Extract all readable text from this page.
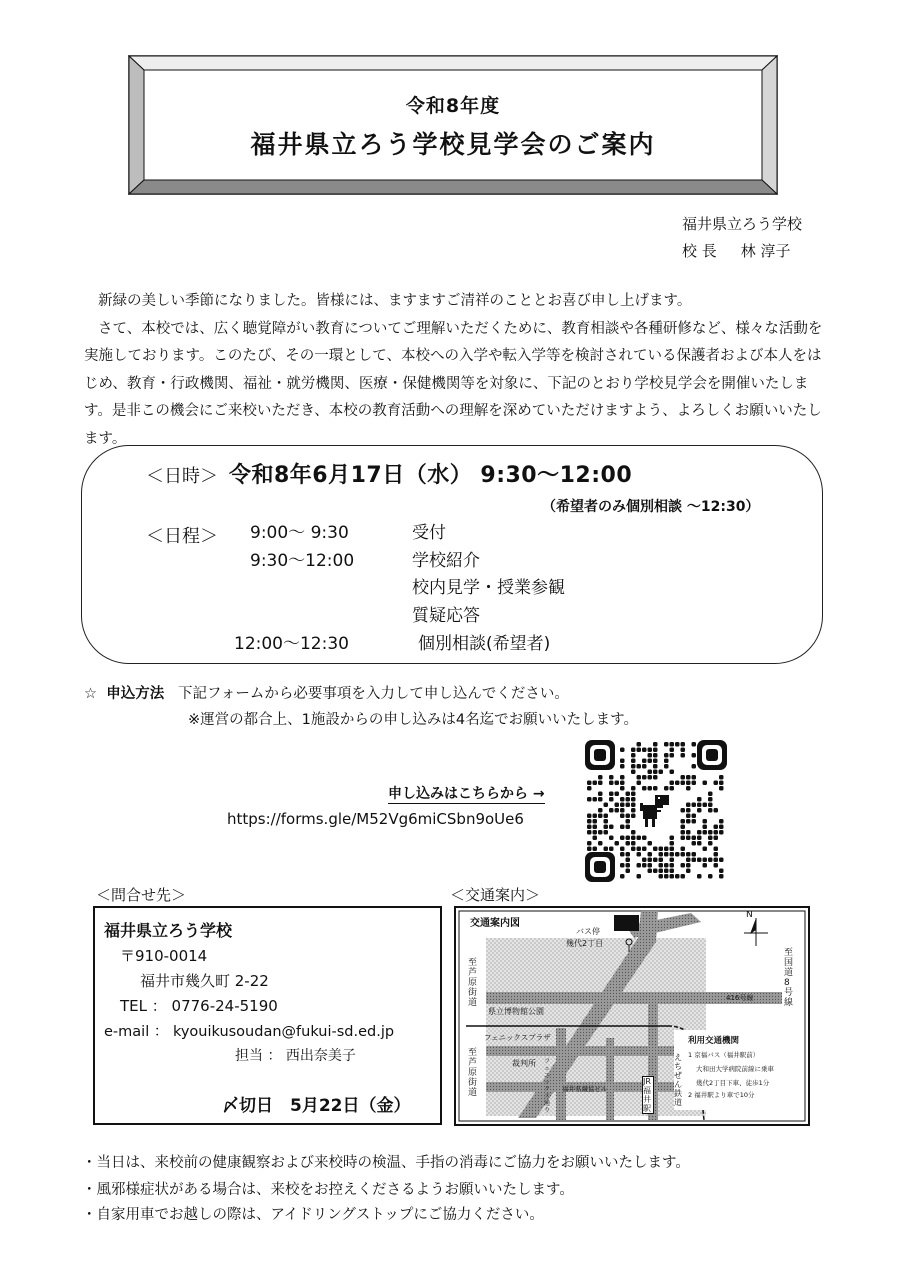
令和8年度
福井県立ろう学校見学会のご案内
福井県立ろう学校
校 長 林 淳子

新緑の美しい季節になりました。皆様には、ますますご清祥のこととお喜び申し上げます。

さて、本校では、広く聴覚障がい教育についてご理解いただくために、教育相談や各種研修など、様々な活動を実施しております。このたび、その一環として、本校への入学や転入学等を検討されている保護者および本人をはじめ、教育・行政機関、福祉・就労機関、医療・保健機関等を対象に、下記のとおり学校見学会を開催いたします。是非この機会にご来校いただき、本校の教育活動への理解を深めていただけますよう、よろしくお願いいたします。

＜日時＞ 令和8年6月17日（水） 9:30～12:00
（希望者のみ個別相談 ～12:30）
＜日程＞ 9:00～ 9:30	受付
9:30～12:00	学校紹介
校内見学・授業参観
質疑応答
12:00～12:30	個別相談(希望者)
☆ 申込方法 下記フォームから必要事項を入力して申し込んでください。
※運営の都合上、1施設からの申し込みは4名迄でお願いいたします。
申し込みはこちらから →
https://forms.gle/M52Vg6miCSbn9oUe6
＜問合せ先＞	＜交通案内＞
福井県立ろう学校
〒910-0014
福井市幾久町 2-22
TEL ： 0776-24-5190
e-mail ： kyouikusoudan@fukui-sd.ed.jp
担当 ： 西出奈美子
〆切日　5月22日（金）
交通案内図
バス停
幾代2丁目
N
至芦原街道
至芦原街道
至国道8号線
416号線
県立博物館公園
フェニックスプラザ
裁判所
福井県繊協ビル
フェニックス通り
JR福井駅
えちぜん鉄道
利用交通機関
1 京福バス（福井駅前）
大和田大学病院前線に乗車
幾代2丁目下車、徒歩1分
2 福井駅より車で10分
・当日は、来校前の健康観察および来校時の検温、手指の消毒にご協力をお願いいたします。
・風邪様症状がある場合は、来校をお控えくださるようお願いいたします。
・自家用車でお越しの際は、アイドリングストップにご協力ください。
